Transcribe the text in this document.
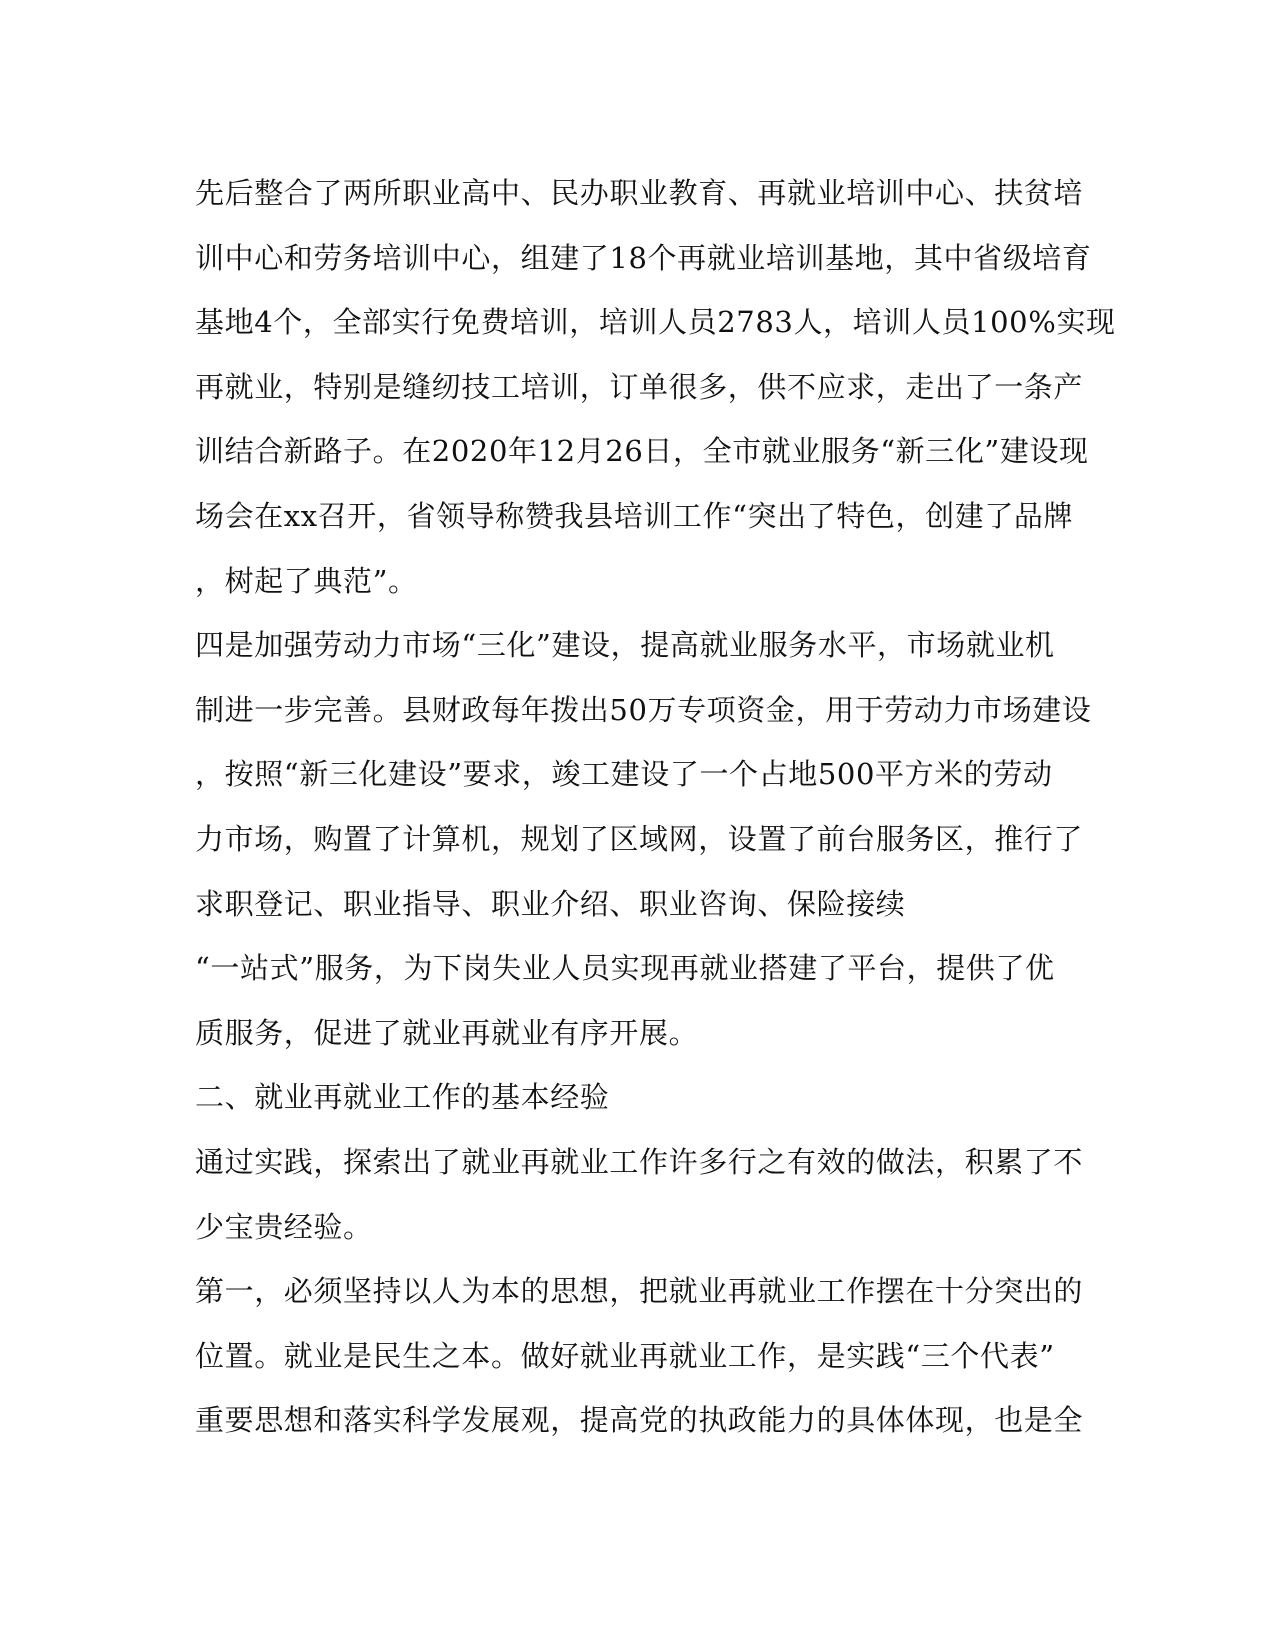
先后整合了两所职业高中、民办职业教育、再就业培训中心、扶贫培
训中心和劳务培训中心，组建了18个再就业培训基地，其中省级培育
基地4个，全部实行免费培训，培训人员2783人，培训人员100%实现
再就业，特别是缝纫技工培训，订单很多，供不应求，走出了一条产
训结合新路子。在2020年12月26日，全市就业服务“新三化”建设现
场会在xx召开，省领导称赞我县培训工作“突出了特色，创建了品牌
，树起了典范”。
四是加强劳动力市场“三化”建设，提高就业服务水平，市场就业机
制进一步完善。县财政每年拨出50万专项资金，用于劳动力市场建设
，按照“新三化建设”要求，竣工建设了一个占地500平方米的劳动
力市场，购置了计算机，规划了区域网，设置了前台服务区，推行了
求职登记、职业指导、职业介绍、职业咨询、保险接续
“一站式”服务，为下岗失业人员实现再就业搭建了平台，提供了优
质服务，促进了就业再就业有序开展。
二、就业再就业工作的基本经验
通过实践，探索出了就业再就业工作许多行之有效的做法，积累了不
少宝贵经验。
第一，必须坚持以人为本的思想，把就业再就业工作摆在十分突出的
位置。就业是民生之本。做好就业再就业工作，是实践“三个代表”
重要思想和落实科学发展观，提高党的执政能力的具体体现，也是全
